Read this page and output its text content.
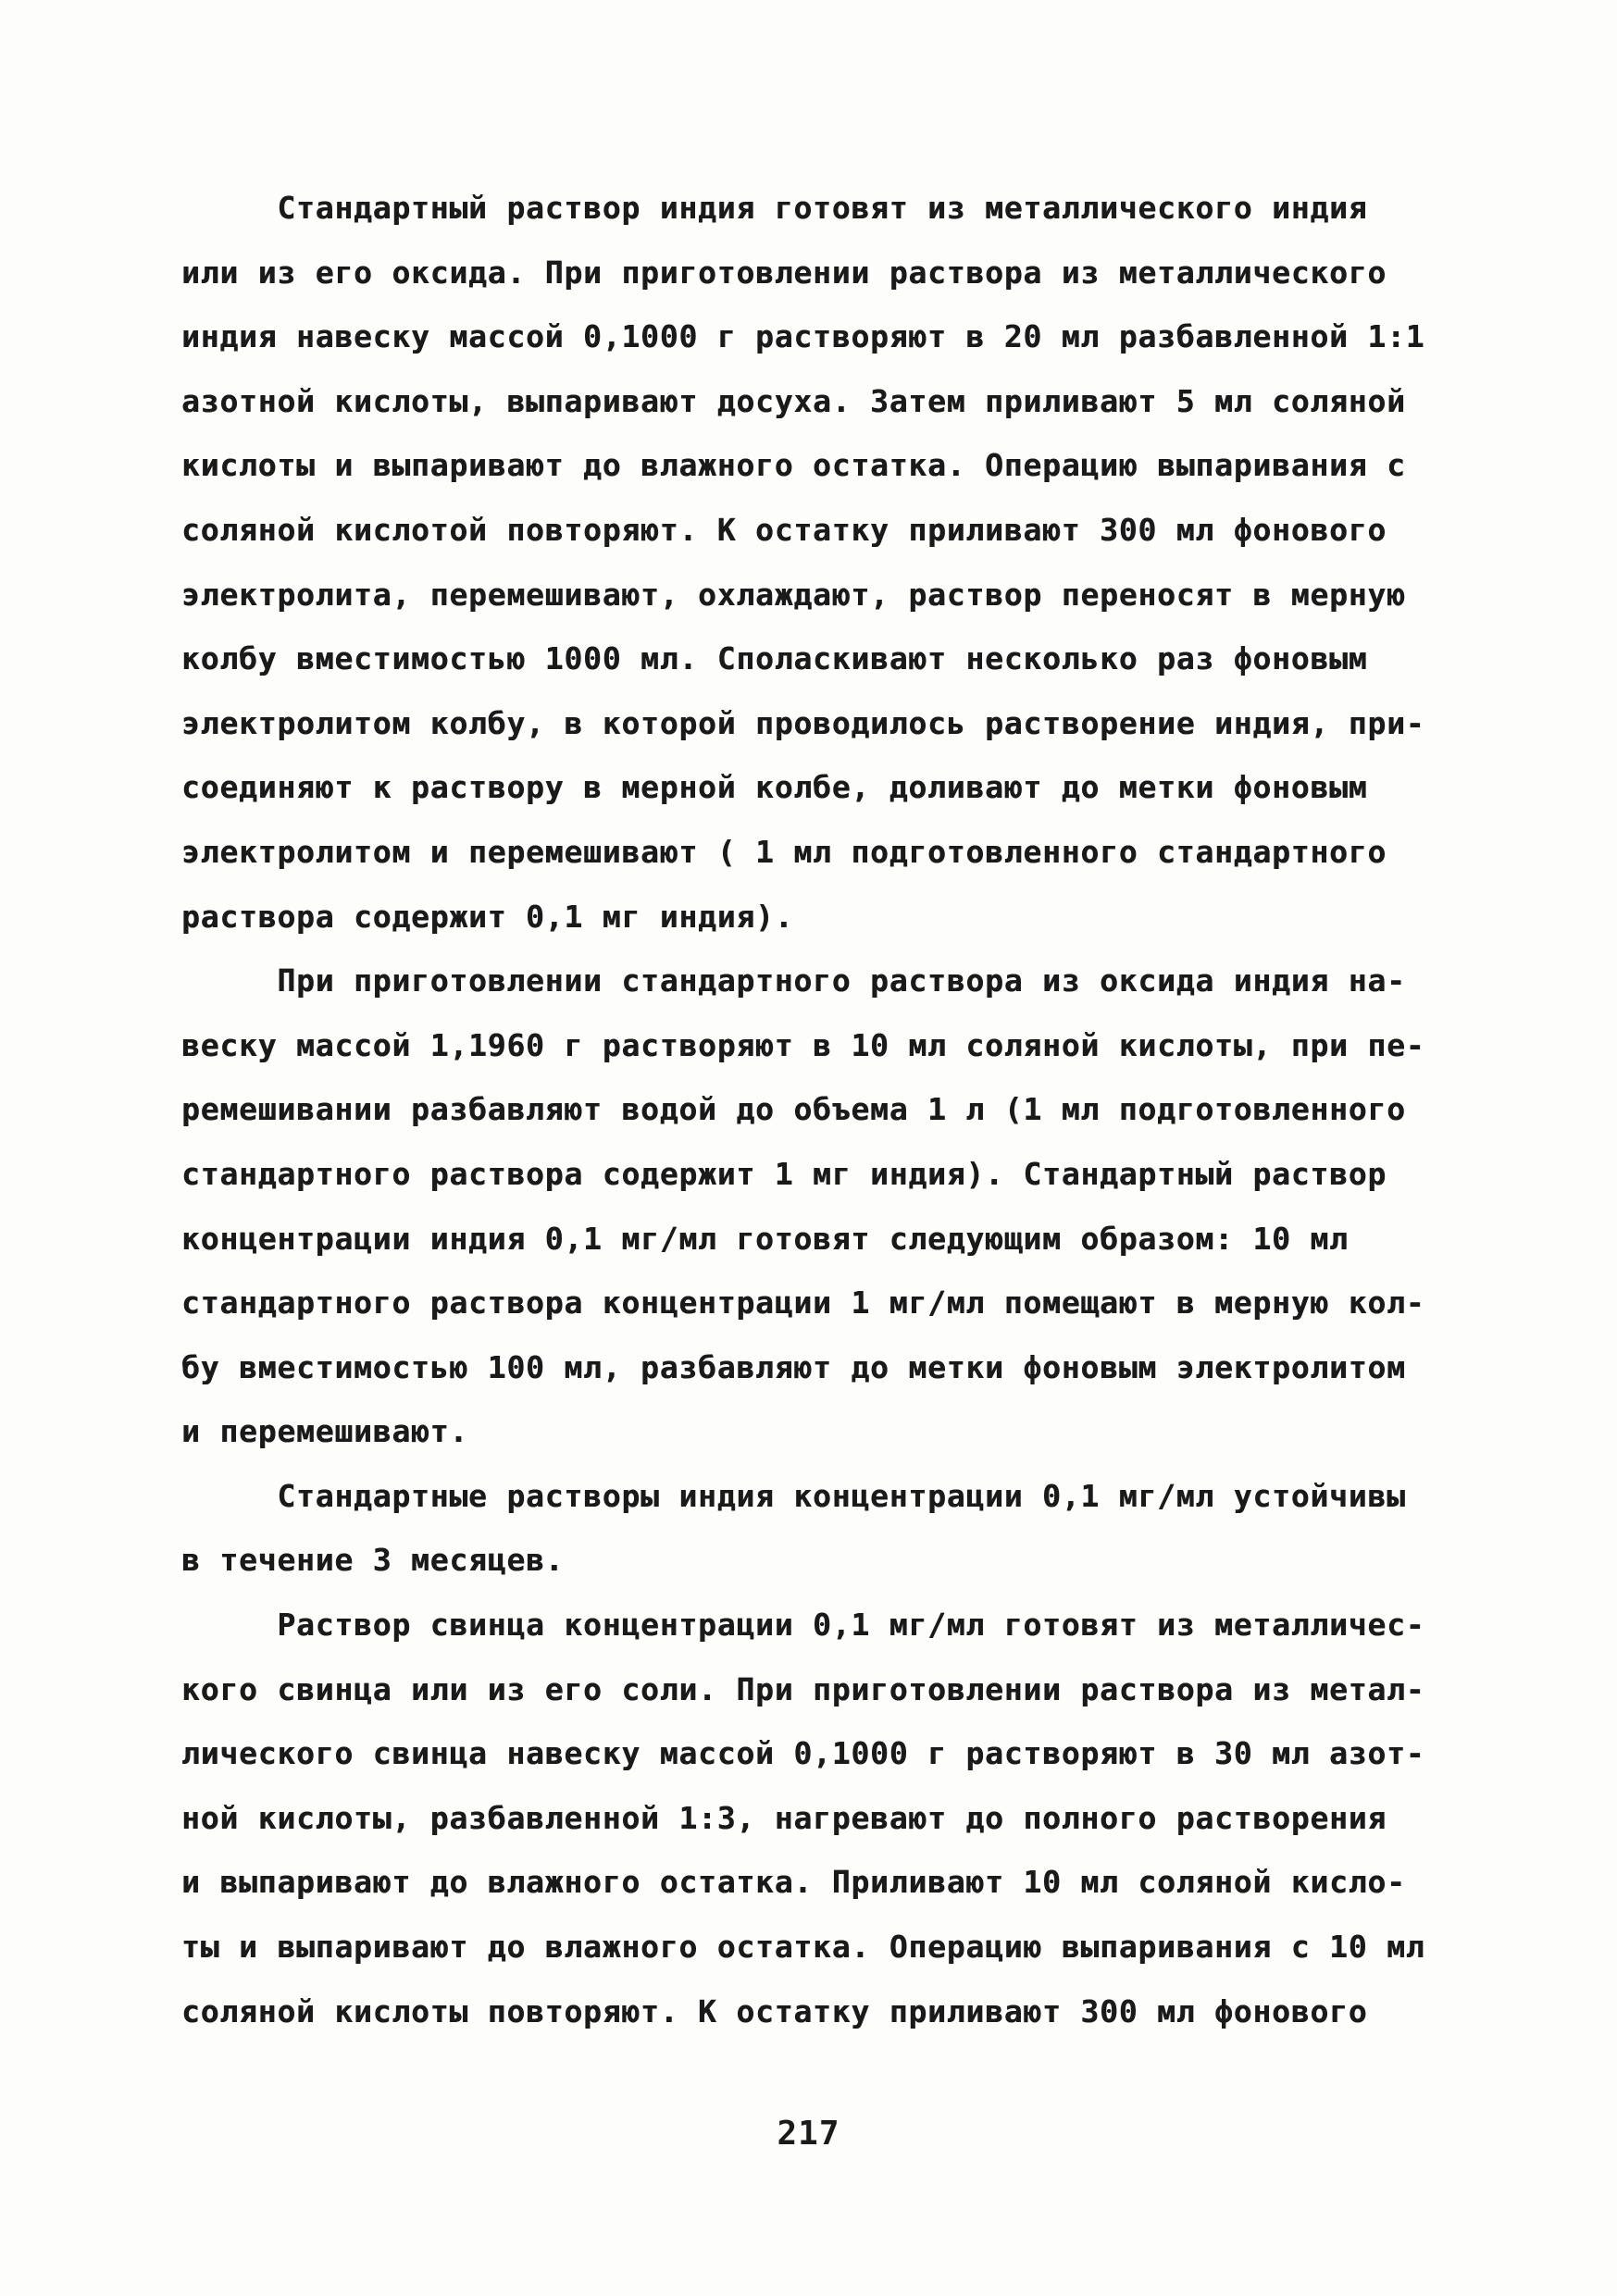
Стандартный раствор индия готовят из металлического индия
или из его оксида. При приготовлении раствора из металлического
индия навеску массой 0,1000 г растворяют в 20 мл разбавленной 1:1
азотной кислоты, выпаривают досуха. Затем приливают 5 мл соляной
кислоты и выпаривают до влажного остатка. Операцию выпаривания с
соляной кислотой повторяют. К остатку приливают 300 мл фонового
электролита, перемешивают, охлаждают, раствор переносят в мерную
колбу вместимостью 1000 мл. Споласкивают несколько раз фоновым
электролитом колбу, в которой проводилось растворение индия, при-
соединяют к раствору в мерной колбе, доливают до метки фоновым
электролитом и перемешивают ( 1 мл подготовленного стандартного
раствора содержит 0,1 мг индия).
При приготовлении стандартного раствора из оксида индия на-
веску массой 1,1960 г растворяют в 10 мл соляной кислоты, при пе-
ремешивании разбавляют водой до объема 1 л (1 мл подготовленного
стандартного раствора содержит 1 мг индия). Стандартный раствор
концентрации индия 0,1 мг/мл готовят следующим образом: 10 мл
стандартного раствора концентрации 1 мг/мл помещают в мерную кол-
бу вместимостью 100 мл, разбавляют до метки фоновым электролитом
и перемешивают.
Стандартные растворы индия концентрации 0,1 мг/мл устойчивы
в течение 3 месяцев.
Раствор свинца концентрации 0,1 мг/мл готовят из металличес-
кого свинца или из его соли. При приготовлении раствора из метал-
лического свинца навеску массой 0,1000 г растворяют в 30 мл азот-
ной кислоты, разбавленной 1:3, нагревают до полного растворения
и выпаривают до влажного остатка. Приливают 10 мл соляной кисло-
ты и выпаривают до влажного остатка. Операцию выпаривания с 10 мл
соляной кислоты повторяют. К остатку приливают 300 мл фонового
217
